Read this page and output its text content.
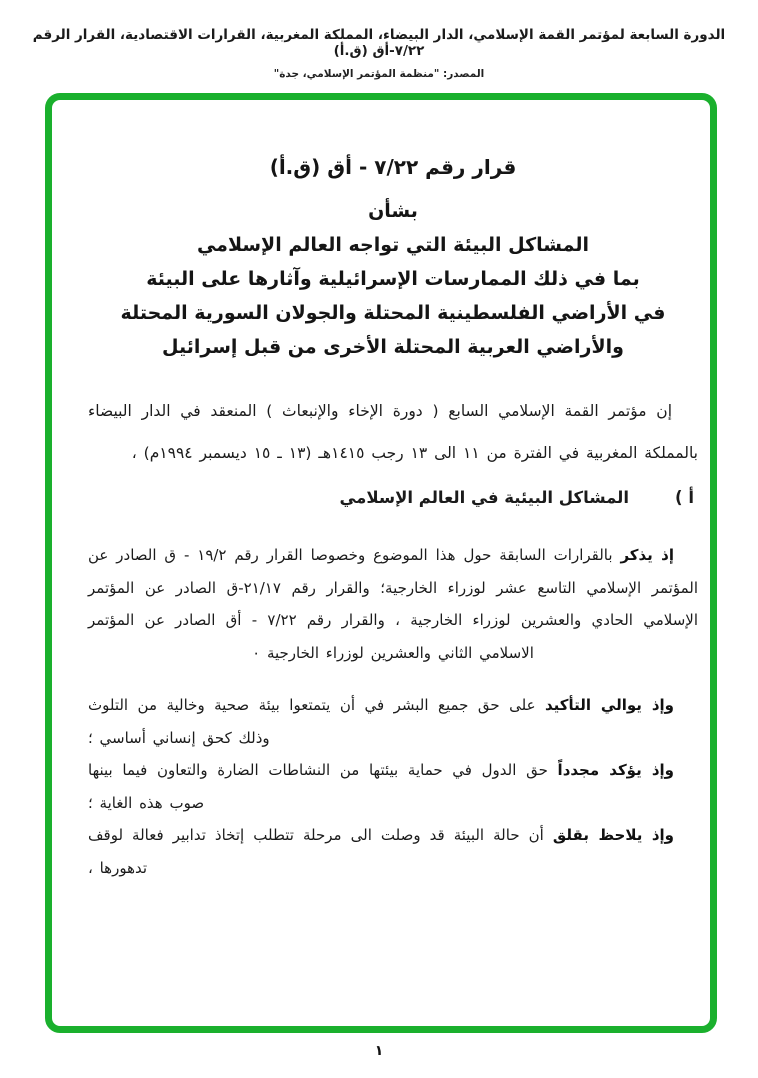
الدورة السابعة لمؤتمر القمة الإسلامي، الدار البيضاء، المملكة المغربية، القرارات الاقتصادية، القرار الرقم ٧/٢٢-أق (ق.أ)
المصدر: "منظمة المؤتمر الإسلامي، جدة"
قرار رقم ٧/٢٢ - أق (ق.أ)
بشأن
المشاكل البيئة التي تواجه العالم الإسلامي
بما في ذلك الممارسات الإسرائيلية وآثارها على البيئة
في الأراضي الفلسطينية المحتلة والجولان السورية المحتلة
والأراضي العربية المحتلة الأخرى من قبل إسرائيل

إن مؤتمر القمة الإسلامي السابع ( دورة الإخاء والإنبعاث ) المنعقد في الدار البيضاء بالمملكة المغربية في الفترة من ١١ الى ١٣ رجب ١٤١٥هـ (١٣ ـ ١٥ ديسمبر ١٩٩٤م) ،

أ )
المشاكل البيئية في العالم الإسلامي

إذ يذكر بالقرارات السابقة حول هذا الموضوع وخصوصا القرار رقم ١٩/٢ - ق الصادر عن المؤتمر الإسلامي التاسع عشر لوزراء الخارجية؛ والقرار رقم ٢١/١٧-ق الصادر عن المؤتمر الإسلامي الحادي والعشرين لوزراء الخارجية ، والقرار رقم ٧/٢٢ - أق الصادر عن المؤتمر الاسلامي الثاني والعشرين لوزراء الخارجية ٠

وإذ يوالي التأكيد على حق جميع البشر في أن يتمتعوا بيئة صحية وخالية من التلوث وذلك كحق إنساني أساسي ؛

وإذ يؤكد مجدداً حق الدول في حماية بيئتها من النشاطات الضارة والتعاون فيما بينها صوب هذه الغاية ؛

وإذ يلاحظ بقلق أن حالة البيئة قد وصلت الى مرحلة تتطلب إتخاذ تدابير فعالة لوقف تدهورها ،

١
